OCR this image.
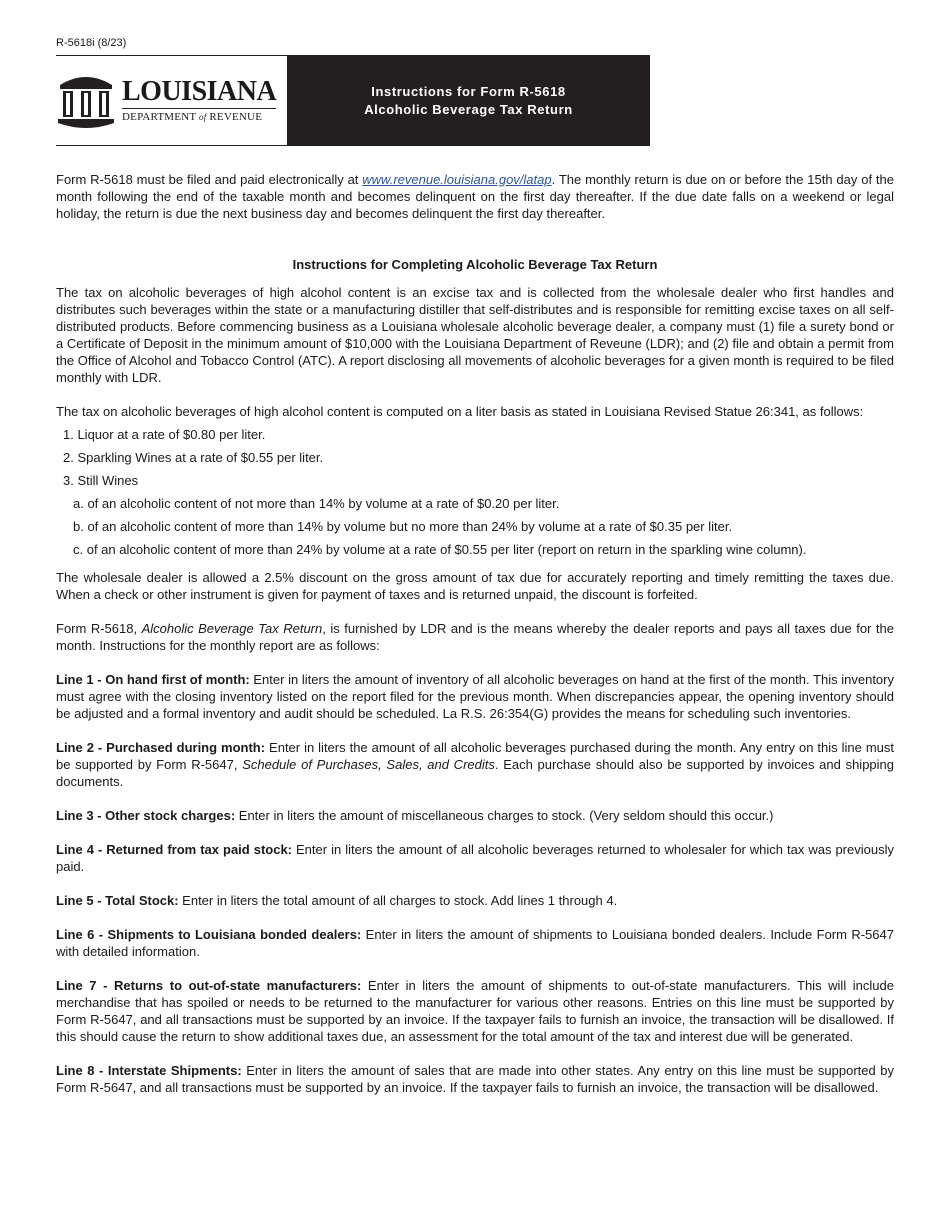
R-5618i (8/23)
LOUISIANA
DEPARTMENT of REVENUE
Instructions for Form R-5618
Alcoholic Beverage Tax Return

Form R-5618 must be filed and paid electronically at www.revenue.louisiana.gov/latap. The monthly return is due on or before the 15th day of the month following the end of the taxable month and becomes delinquent on the first day thereafter. If the due date falls on a weekend or legal holiday, the return is due the next business day and becomes delinquent the first day thereafter.

Instructions for Completing Alcoholic Beverage Tax Return

The tax on alcoholic beverages of high alcohol content is an excise tax and is collected from the wholesale dealer who first handles and distributes such beverages within the state or a manufacturing distiller that self-distributes and is responsible for remitting excise taxes on all self-distributed products. Before commencing business as a Louisiana wholesale alcoholic beverage dealer, a company must (1) file a surety bond or a Certificate of Deposit in the minimum amount of $10,000 with the Louisiana Department of Reveune (LDR); and (2) file and obtain a permit from the Office of Alcohol and Tobacco Control (ATC). A report disclosing all movements of alcoholic beverages for a given month is required to be filed monthly with LDR.

The tax on alcoholic beverages of high alcohol content is computed on a liter basis as stated in Louisiana Revised Statue 26:341, as follows:

1. Liquor at a rate of $0.80 per liter.
2. Sparkling Wines at a rate of $0.55 per liter.
3. Still Wines
a. of an alcoholic content of not more than 14% by volume at a rate of $0.20 per liter.
b. of an alcoholic content of more than 14% by volume but no more than 24% by volume at a rate of $0.35 per liter.
c. of an alcoholic content of more than 24% by volume at a rate of $0.55 per liter (report on return in the sparkling wine column).

The wholesale dealer is allowed a 2.5% discount on the gross amount of tax due for accurately reporting and timely remitting the taxes due. When a check or other instrument is given for payment of taxes and is returned unpaid, the discount is forfeited.

Form R-5618, Alcoholic Beverage Tax Return, is furnished by LDR and is the means whereby the dealer reports and pays all taxes due for the month. Instructions for the monthly report are as follows:

Line 1 - On hand first of month: Enter in liters the amount of inventory of all alcoholic beverages on hand at the first of the month. This inventory must agree with the closing inventory listed on the report filed for the previous month. When discrepancies appear, the opening inventory should be adjusted and a formal inventory and audit should be scheduled. La R.S. 26:354(G) provides the means for scheduling such inventories.

Line 2 - Purchased during month: Enter in liters the amount of all alcoholic beverages purchased during the month. Any entry on this line must be supported by Form R-5647, Schedule of Purchases, Sales, and Credits. Each purchase should also be supported by invoices and shipping documents.

Line 3 - Other stock charges: Enter in liters the amount of miscellaneous charges to stock. (Very seldom should this occur.)

Line 4 - Returned from tax paid stock: Enter in liters the amount of all alcoholic beverages returned to wholesaler for which tax was previously paid.

Line 5 - Total Stock: Enter in liters the total amount of all charges to stock. Add lines 1 through 4.

Line 6 - Shipments to Louisiana bonded dealers: Enter in liters the amount of shipments to Louisiana bonded dealers. Include Form R-5647 with detailed information.

Line 7 - Returns to out-of-state manufacturers: Enter in liters the amount of shipments to out-of-state manufacturers. This will include merchandise that has spoiled or needs to be returned to the manufacturer for various other reasons. Entries on this line must be supported by Form R-5647, and all transactions must be supported by an invoice. If the taxpayer fails to furnish an invoice, the transaction will be disallowed. If this should cause the return to show additional taxes due, an assessment for the total amount of the tax and interest due will be generated.

Line 8 - Interstate Shipments: Enter in liters the amount of sales that are made into other states. Any entry on this line must be supported by Form R-5647, and all transactions must be supported by an invoice. If the taxpayer fails to furnish an invoice, the transaction will be disallowed.
